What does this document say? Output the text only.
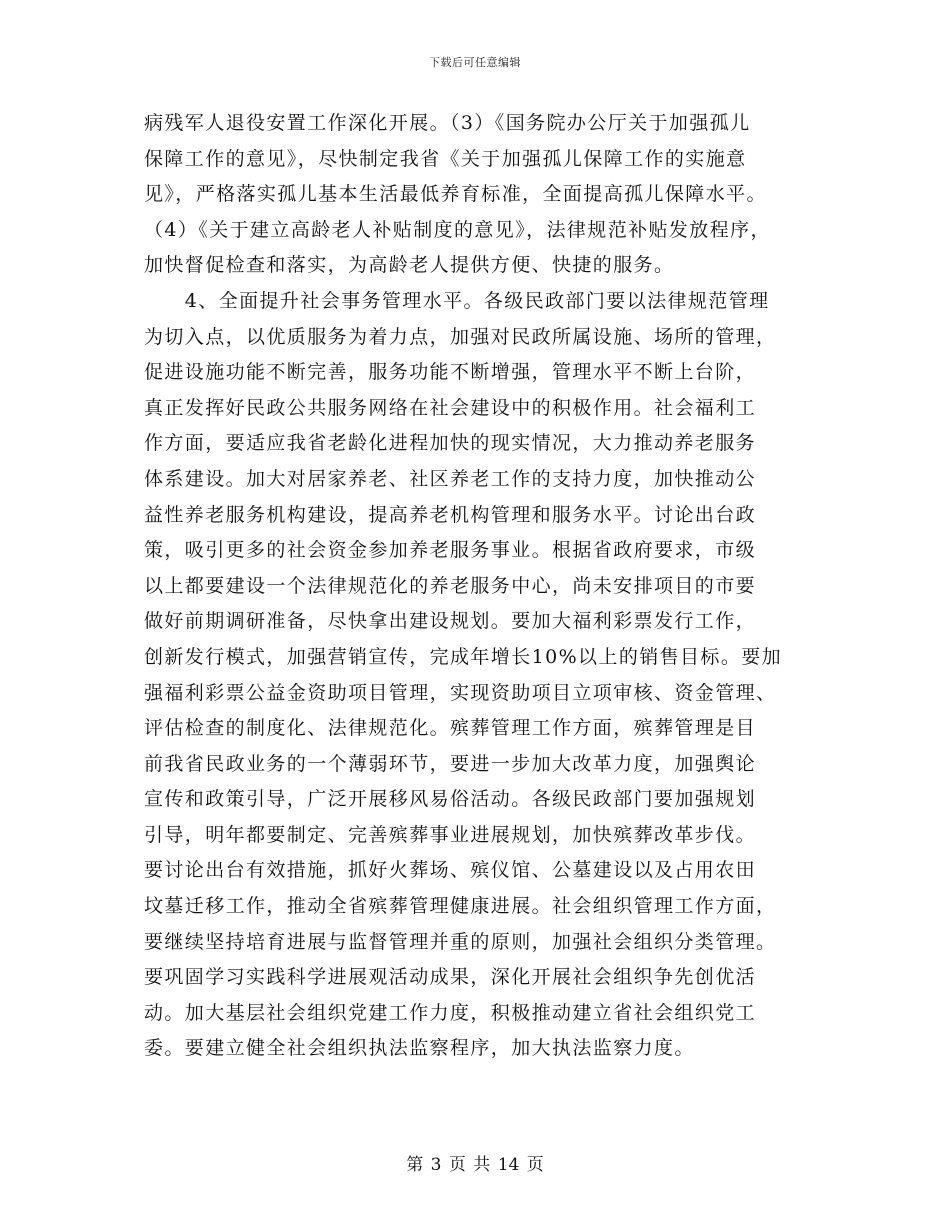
下载后可任意编辑
病残军人退役安置工作深化开展。（3）《国务院办公厅关于加强孤儿
保障工作的意见》，尽快制定我省《关于加强孤儿保障工作的实施意
见》，严格落实孤儿基本生活最低养育标准，全面提高孤儿保障水平。
（4）《关于建立高龄老人补贴制度的意见》，法律规范补贴发放程序，
加快督促检查和落实，为高龄老人提供方便、快捷的服务。
　　4、全面提升社会事务管理水平。各级民政部门要以法律规范管理
为切入点，以优质服务为着力点，加强对民政所属设施、场所的管理，
促进设施功能不断完善，服务功能不断增强，管理水平不断上台阶，
真正发挥好民政公共服务网络在社会建设中的积极作用。社会福利工
作方面，要适应我省老龄化进程加快的现实情况，大力推动养老服务
体系建设。加大对居家养老、社区养老工作的支持力度，加快推动公
益性养老服务机构建设，提高养老机构管理和服务水平。讨论出台政
策，吸引更多的社会资金参加养老服务事业。根据省政府要求，市级
以上都要建设一个法律规范化的养老服务中心，尚未安排项目的市要
做好前期调研准备，尽快拿出建设规划。要加大福利彩票发行工作，
创新发行模式，加强营销宣传，完成年增长10%以上的销售目标。要加
强福利彩票公益金资助项目管理，实现资助项目立项审核、资金管理、
评估检查的制度化、法律规范化。殡葬管理工作方面，殡葬管理是目
前我省民政业务的一个薄弱环节，要进一步加大改革力度，加强舆论
宣传和政策引导，广泛开展移风易俗活动。各级民政部门要加强规划
引导，明年都要制定、完善殡葬事业进展规划，加快殡葬改革步伐。
要讨论出台有效措施，抓好火葬场、殡仪馆、公墓建设以及占用农田
坟墓迁移工作，推动全省殡葬管理健康进展。社会组织管理工作方面，
要继续坚持培育进展与监督管理并重的原则，加强社会组织分类管理。
要巩固学习实践科学进展观活动成果，深化开展社会组织争先创优活
动。加大基层社会组织党建工作力度，积极推动建立省社会组织党工
委。要建立健全社会组织执法监察程序，加大执法监察力度。
第 3 页 共 14 页
